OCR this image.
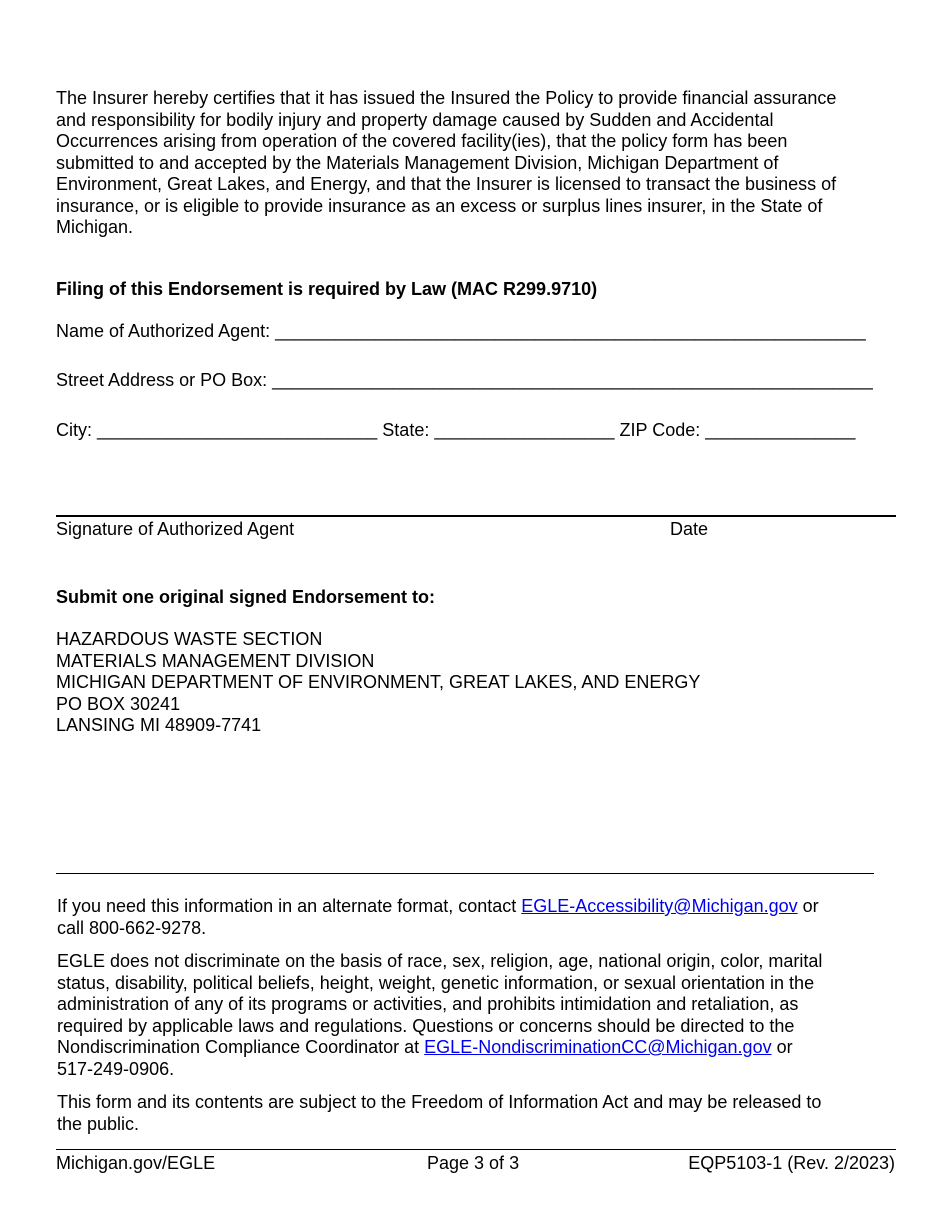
The Insurer hereby certifies that it has issued the Insured the Policy to provide financial assurance
and responsibility for bodily injury and property damage caused by Sudden and Accidental
Occurrences arising from operation of the covered facility(ies), that the policy form has been
submitted to and accepted by the Materials Management Division, Michigan Department of
Environment, Great Lakes, and Energy, and that the Insurer is licensed to transact the business of
insurance, or is eligible to provide insurance as an excess or surplus lines insurer, in the State of
Michigan.
Filing of this Endorsement is required by Law (MAC R299.9710)
Name of Authorized Agent: ___________________________________________________________
Street Address or PO Box: ____________________________________________________________
City: ____________________________ State: __________________ ZIP Code: _______________
Signature of Authorized Agent	Date
Submit one original signed Endorsement to:
HAZARDOUS WASTE SECTION
MATERIALS MANAGEMENT DIVISION
MICHIGAN DEPARTMENT OF ENVIRONMENT, GREAT LAKES, AND ENERGY
PO BOX 30241
LANSING MI 48909-7741
If you need this information in an alternate format, contact EGLE-Accessibility@Michigan.gov or
call 800-662-9278.
EGLE does not discriminate on the basis of race, sex, religion, age, national origin, color, marital
status, disability, political beliefs, height, weight, genetic information, or sexual orientation in the
administration of any of its programs or activities, and prohibits intimidation and retaliation, as
required by applicable laws and regulations. Questions or concerns should be directed to the
Nondiscrimination Compliance Coordinator at EGLE-NondiscriminationCC@Michigan.gov or
517-249-0906.
This form and its contents are subject to the Freedom of Information Act and may be released to
the public.
Michigan.gov/EGLE	Page 3 of 3	EQP5103-1 (Rev. 2/2023)
